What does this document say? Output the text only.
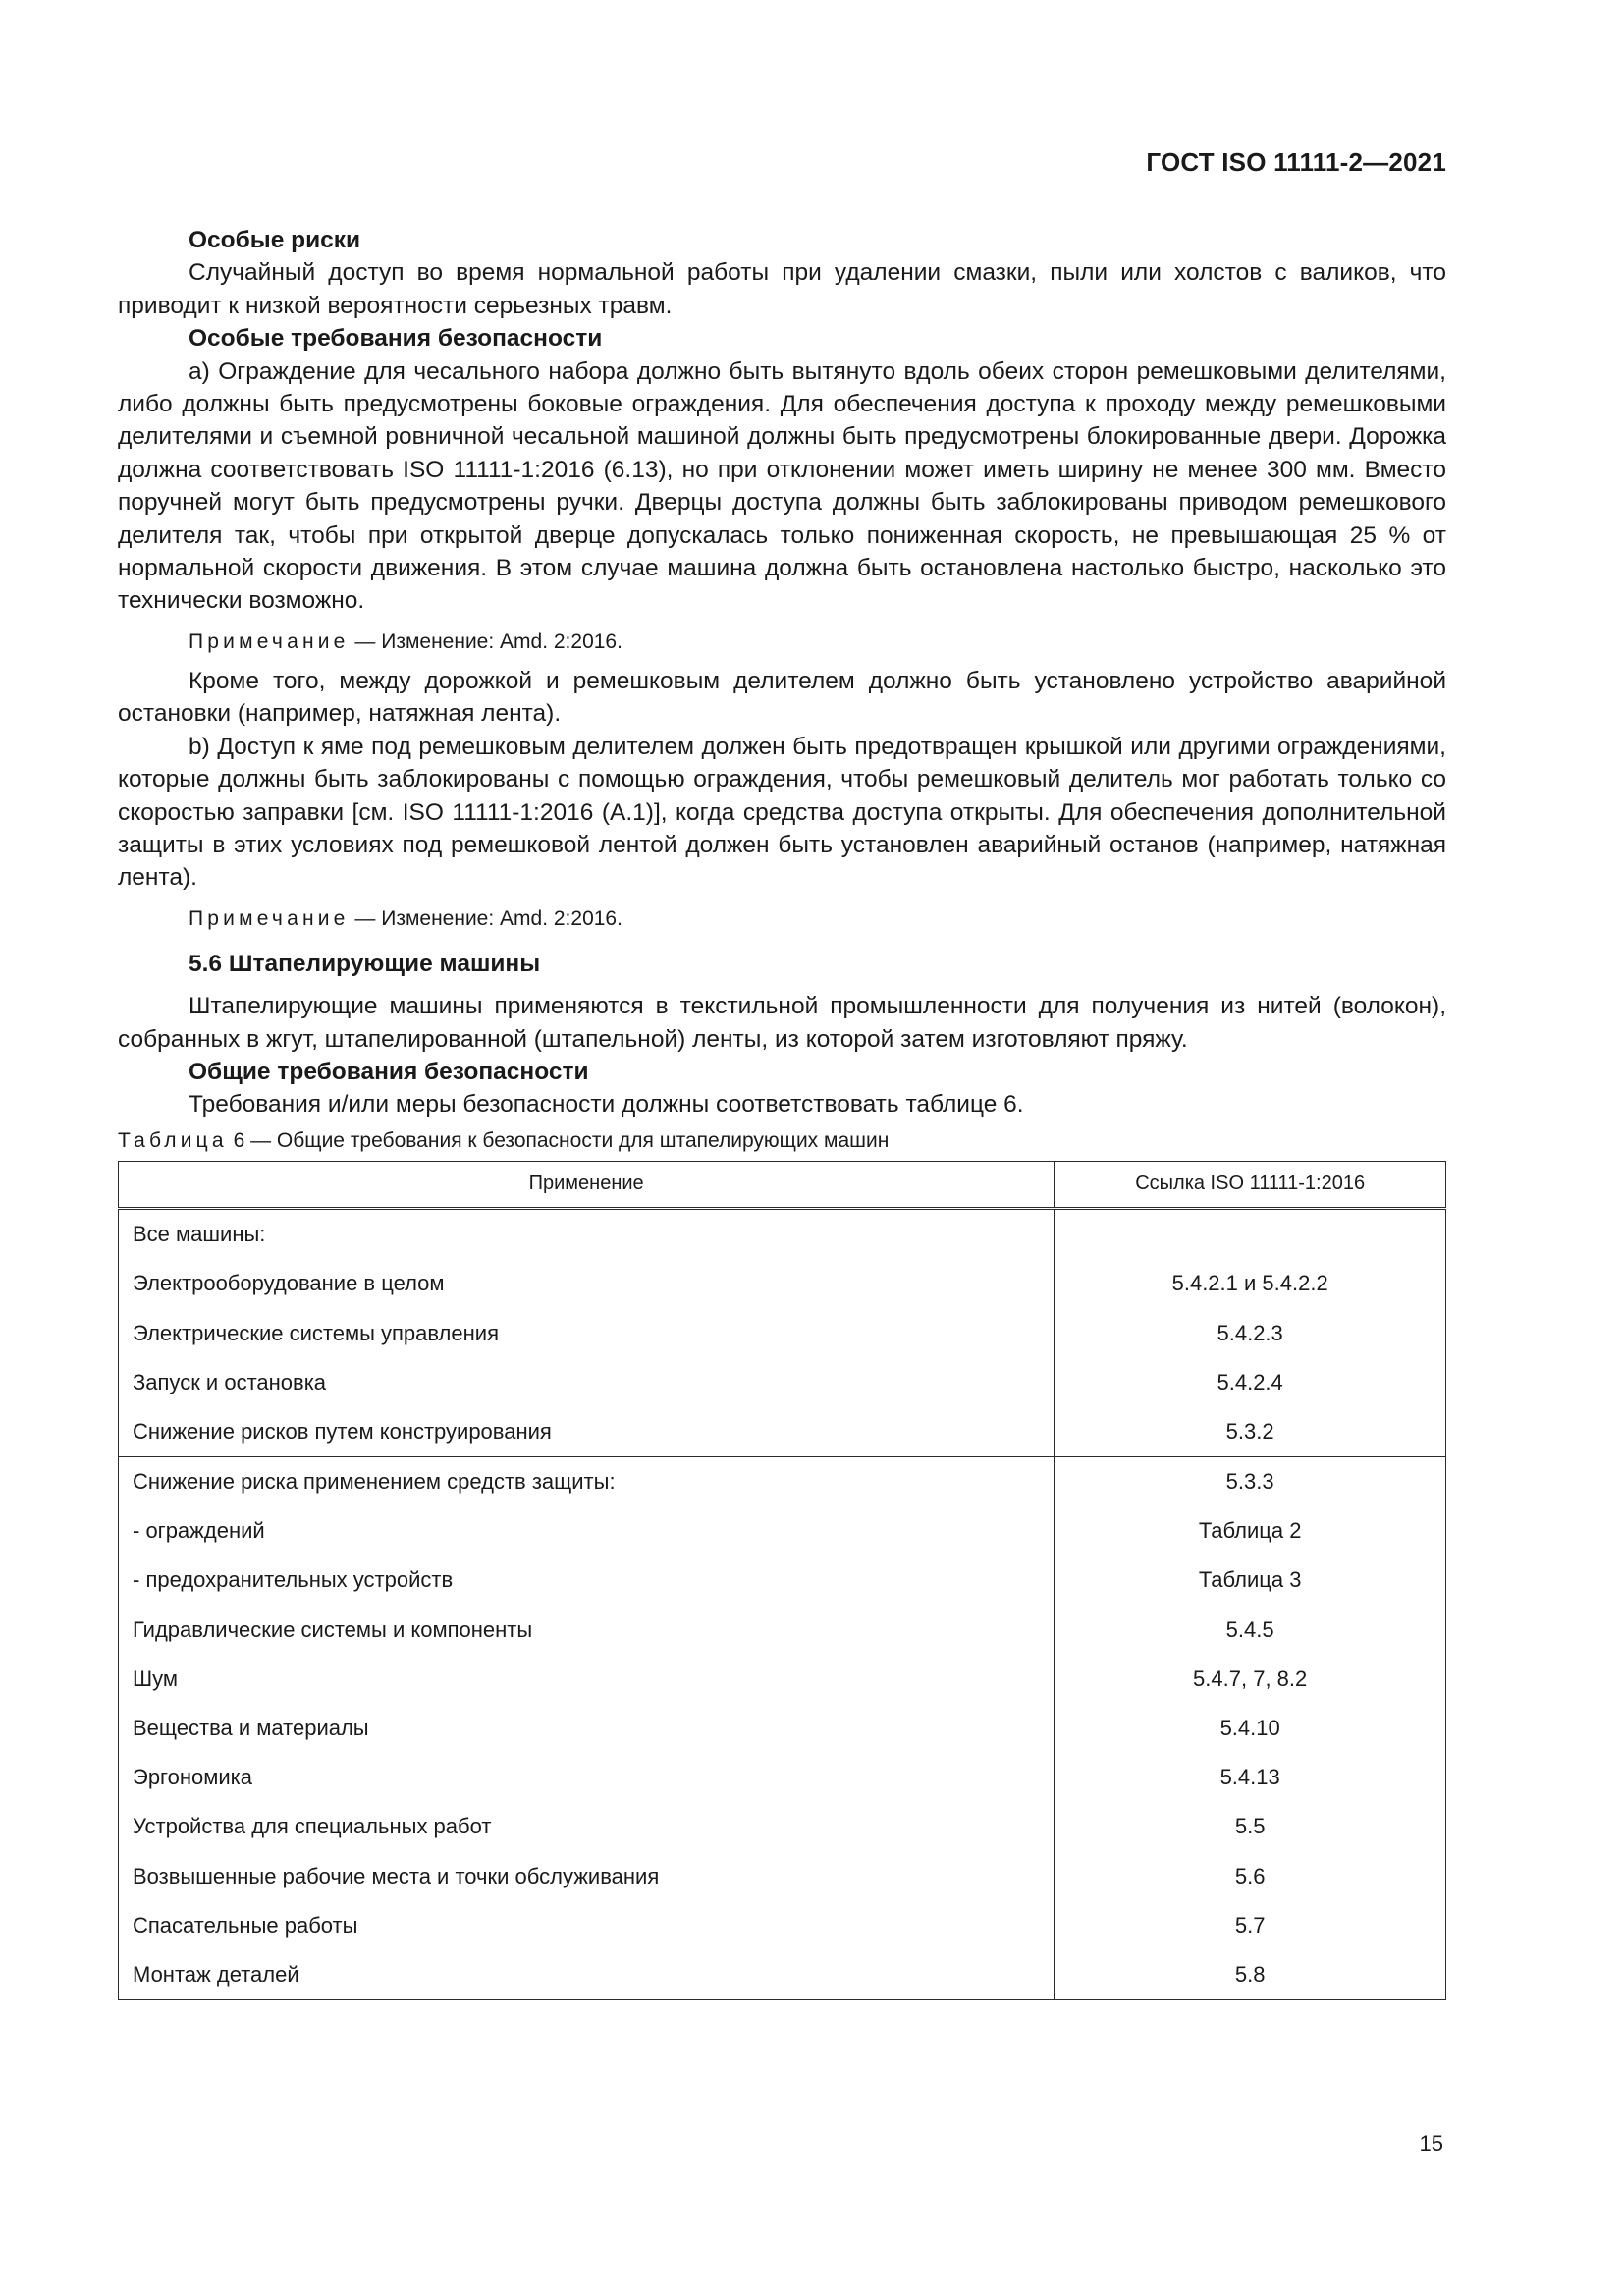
ГОСТ ISO 11111-2—2021

Особые риски

Случайный доступ во время нормальной работы при удалении смазки, пыли или холстов с валиков, что приводит к низкой вероятности серьезных травм.

Особые требования безопасности

а) Ограждение для чесального набора должно быть вытянуто вдоль обеих сторон ремешковыми делителями, либо должны быть предусмотрены боковые ограждения. Для обеспечения доступа к проходу между ремешковыми делителями и съемной ровничной чесальной машиной должны быть предусмотрены блокированные двери. Дорожка должна соответствовать ISO 11111-1:2016 (6.13), но при отклонении может иметь ширину не менее 300 мм. Вместо поручней могут быть предусмотрены ручки. Дверцы доступа должны быть заблокированы приводом ремешкового делителя так, чтобы при открытой дверце допускалась только пониженная скорость, не превышающая 25 % от нормальной скорости движения. В этом случае машина должна быть остановлена настолько быстро, насколько это технически возможно.

Примечание — Изменение: Amd. 2:2016.

Кроме того, между дорожкой и ремешковым делителем должно быть установлено устройство аварийной остановки (например, натяжная лента).

b) Доступ к яме под ремешковым делителем должен быть предотвращен крышкой или другими ограждениями, которые должны быть заблокированы с помощью ограждения, чтобы ремешковый делитель мог работать только со скоростью заправки [см. ISO 11111-1:2016 (А.1)], когда средства доступа открыты. Для обеспечения дополнительной защиты в этих условиях под ремешковой лентой должен быть установлен аварийный останов (например, натяжная лента).

Примечание — Изменение: Amd. 2:2016.

5.6 Штапелирующие машины

Штапелирующие машины применяются в текстильной промышленности для получения из нитей (волокон), собранных в жгут, штапелированной (штапельной) ленты, из которой затем изготовляют пряжу.

Общие требования безопасности

Требования и/или меры безопасности должны соответствовать таблице 6.

Таблица 6 — Общие требования к безопасности для штапелирующих машин

Применение	Ссылка ISO 11111-1:2016
Все машины:	
Электрооборудование в целом	5.4.2.1 и 5.4.2.2
Электрические системы управления	5.4.2.3
Запуск и остановка	5.4.2.4
Снижение рисков путем конструирования	5.3.2
Снижение риска применением средств защиты:	5.3.3
- ограждений	Таблица 2
- предохранительных устройств	Таблица 3
Гидравлические системы и компоненты	5.4.5
Шум	5.4.7, 7, 8.2
Вещества и материалы	5.4.10
Эргономика	5.4.13
Устройства для специальных работ	5.5
Возвышенные рабочие места и точки обслуживания	5.6
Спасательные работы	5.7
Монтаж деталей	5.8
15
